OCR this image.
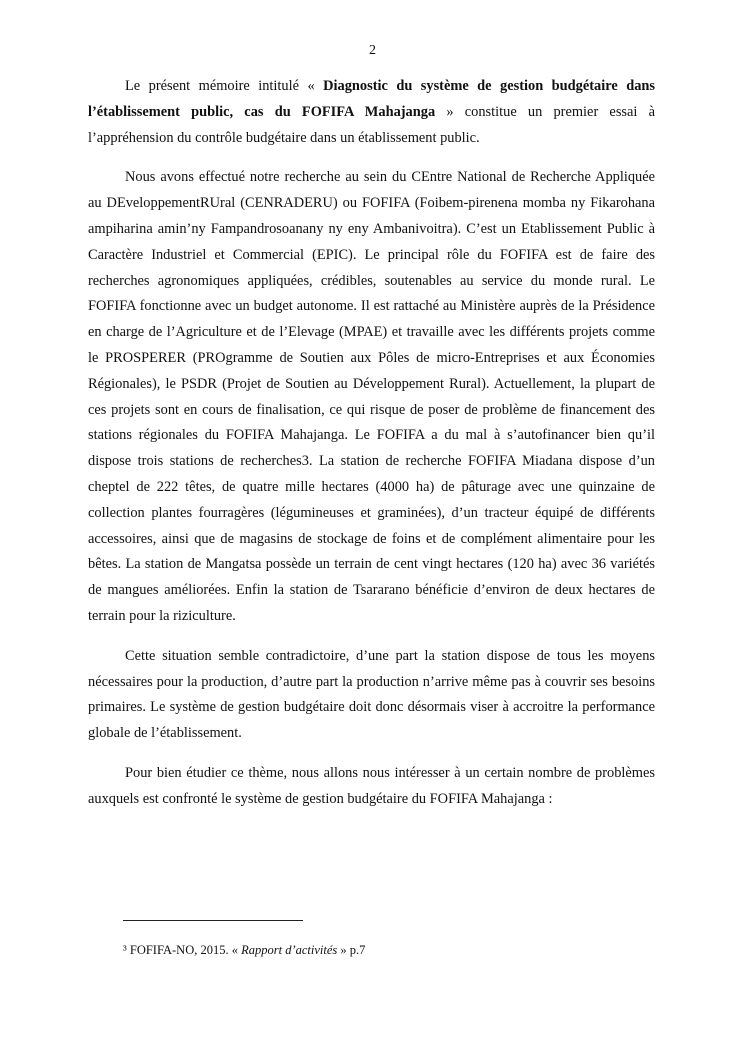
2

Le présent mémoire intitulé « Diagnostic du système de gestion budgétaire dans l’établissement public, cas du FOFIFA Mahajanga » constitue un premier essai à l’appréhension du contrôle budgétaire dans un établissement public.

Nous avons effectué notre recherche au sein du CEntre National de Recherche Appliquée au DEveloppementRUral (CENRADERU) ou FOFIFA (Foibem-pirenena momba ny Fikarohana ampiharina amin’ny Fampandrosoanany ny eny Ambanivoitra). C’est un Etablissement Public à Caractère Industriel et Commercial (EPIC). Le principal rôle du FOFIFA est de faire des recherches agronomiques appliquées, crédibles, soutenables au service du monde rural. Le FOFIFA fonctionne avec un budget autonome. Il est rattaché au Ministère auprès de la Présidence en charge de l’Agriculture et de l’Elevage (MPAE) et travaille avec les différents projets comme le PROSPERER (PROgramme de Soutien aux Pôles de micro-Entreprises et aux Économies Régionales), le PSDR (Projet de Soutien au Développement Rural). Actuellement, la plupart de ces projets sont en cours de finalisation, ce qui risque de poser de problème de financement des stations régionales du FOFIFA Mahajanga. Le FOFIFA a du mal à s’autofinancer bien qu’il dispose trois stations de recherches3. La station de recherche FOFIFA Miadana dispose d’un cheptel de 222 têtes, de quatre mille hectares (4000 ha) de pâturage avec une quinzaine de collection plantes fourragères (légumineuses et graminées), d’un tracteur équipé de différents accessoires, ainsi que de magasins de stockage de foins et de complément alimentaire pour les bêtes. La station de Mangatsa possède un terrain de cent vingt hectares (120 ha) avec 36 variétés de mangues améliorées. Enfin la station de Tsararano bénéficie d’environ de deux hectares de terrain pour la riziculture.

Cette situation semble contradictoire, d’une part la station dispose de tous les moyens nécessaires pour la production, d’autre part la production n’arrive même pas à couvrir ses besoins primaires. Le système de gestion budgétaire doit donc désormais viser à accroitre la performance globale de l’établissement.

Pour bien étudier ce thème, nous allons nous intéresser à un certain nombre de problèmes auxquels est confronté le système de gestion budgétaire du FOFIFA Mahajanga :

³ FOFIFA-NO, 2015. « Rapport d’activités » p.7
